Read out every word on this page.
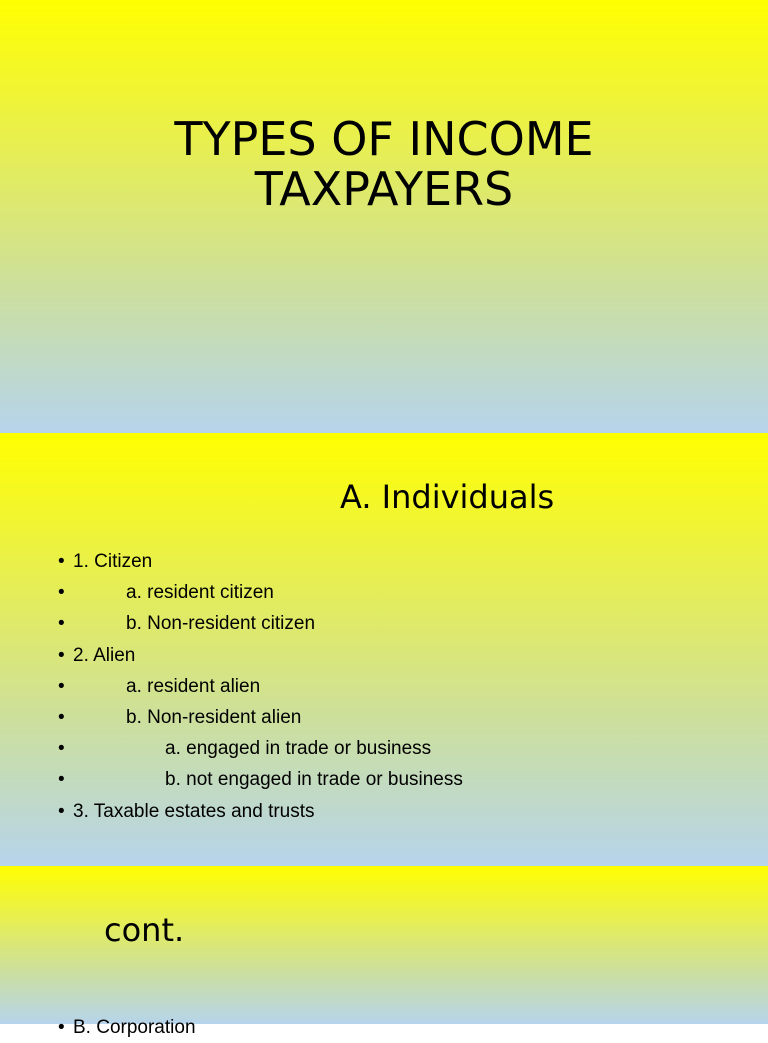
TYPES OF INCOME
TAXPAYERS
A. Individuals
• 1. Citizen
•	a. resident citizen
•	b. Non-resident citizen
• 2. Alien
•	a. resident alien
•	b. Non-resident alien
•	a. engaged in trade or business
•	b. not engaged in trade or business
• 3. Taxable estates and trusts
cont.
• B. Corporation
